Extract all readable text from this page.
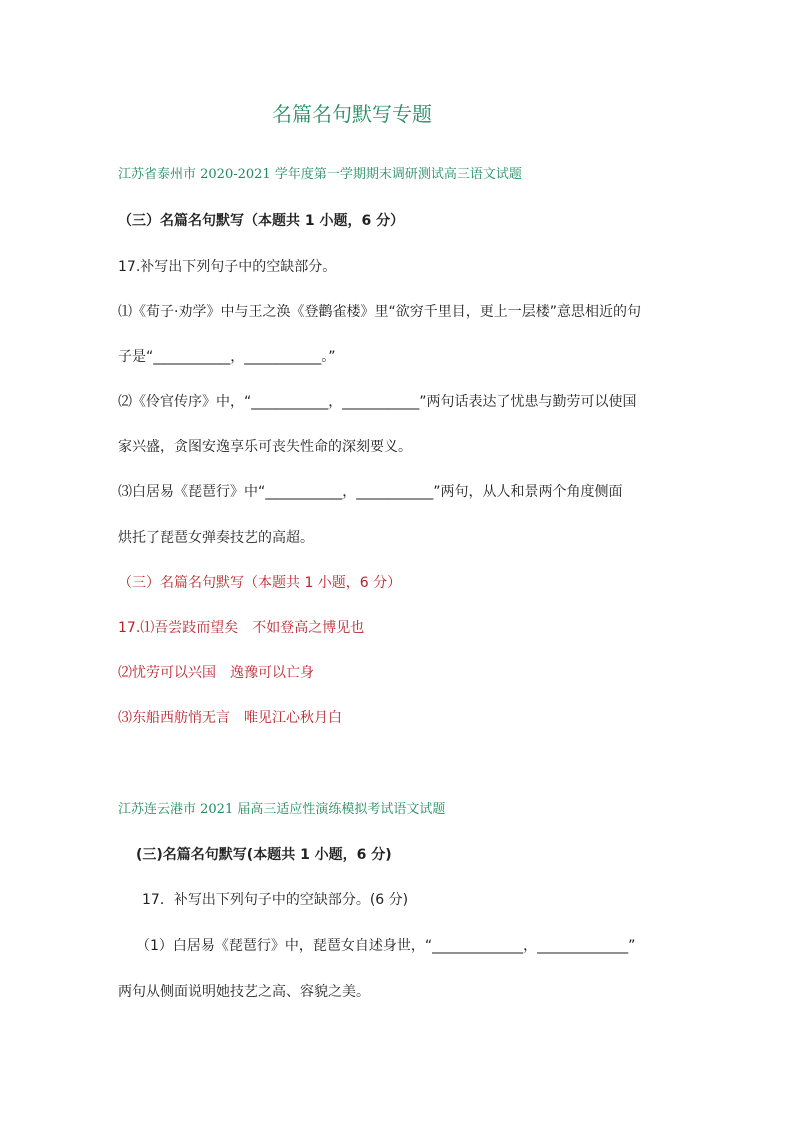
名篇名句默写专题
江苏省泰州市 2020-2021 学年度第一学期期末调研测试高三语文试题
（三）名篇名句默写（本题共 1 小题，6 分）
17.补写出下列句子中的空缺部分。
⑴《荀子·劝学》中与王之涣《登鹳雀楼》里“欲穷千里目，更上一层楼”意思相近的句
子是“___________，___________。”
⑵《伶官传序》中，“___________，___________”两句话表达了忧患与勤劳可以使国
家兴盛，贪图安逸享乐可丧失性命的深刻要义。
⑶白居易《琵琶行》中“___________，___________”两句，从人和景两个角度侧面
烘托了琵琶女弹奏技艺的高超。
（三）名篇名句默写（本题共 1 小题，6 分）
17.⑴吾尝跂而望矣　不如登高之博见也
⑵忧劳可以兴国　逸豫可以亡身
⑶东船西舫悄无言　唯见江心秋月白
江苏连云港市 2021 届高三适应性演练模拟考试语文试题
(三)名篇名句默写(本题共 1 小题，6 分)
17．补写出下列句子中的空缺部分。(6 分)
（1）白居易《琵琶行》中，琵琶女自述身世，“_____________，_____________”
两句从侧面说明她技艺之高、容貌之美。
